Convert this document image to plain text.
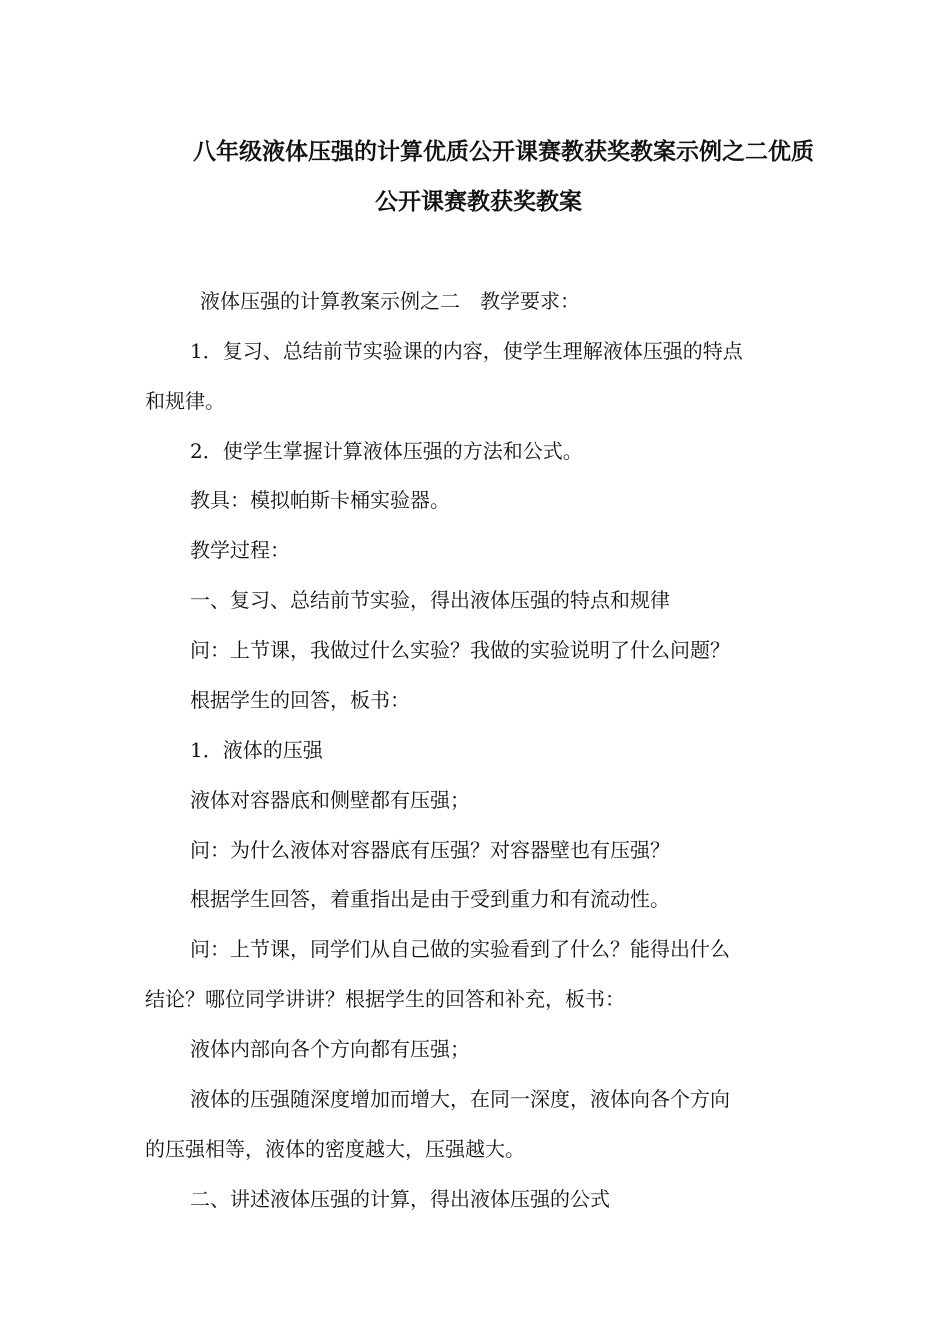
八年级液体压强的计算优质公开课赛教获奖教案示例之二优质
公开课赛教获奖教案
液体压强的计算教案示例之二　教学要求：
1．复习、总结前节实验课的内容，使学生理解液体压强的特点
和规律。
2．使学生掌握计算液体压强的方法和公式。
教具：模拟帕斯卡桶实验器。
教学过程：
一、复习、总结前节实验，得出液体压强的特点和规律
问：上节课，我做过什么实验？我做的实验说明了什么问题？
根据学生的回答，板书：
1．液体的压强
液体对容器底和侧壁都有压强；
问：为什么液体对容器底有压强？对容器壁也有压强？
根据学生回答，着重指出是由于受到重力和有流动性。
问：上节课，同学们从自己做的实验看到了什么？能得出什么
结论？哪位同学讲讲？根据学生的回答和补充，板书：
液体内部向各个方向都有压强；
液体的压强随深度增加而增大，在同一深度，液体向各个方向
的压强相等，液体的密度越大，压强越大。
二、讲述液体压强的计算，得出液体压强的公式
